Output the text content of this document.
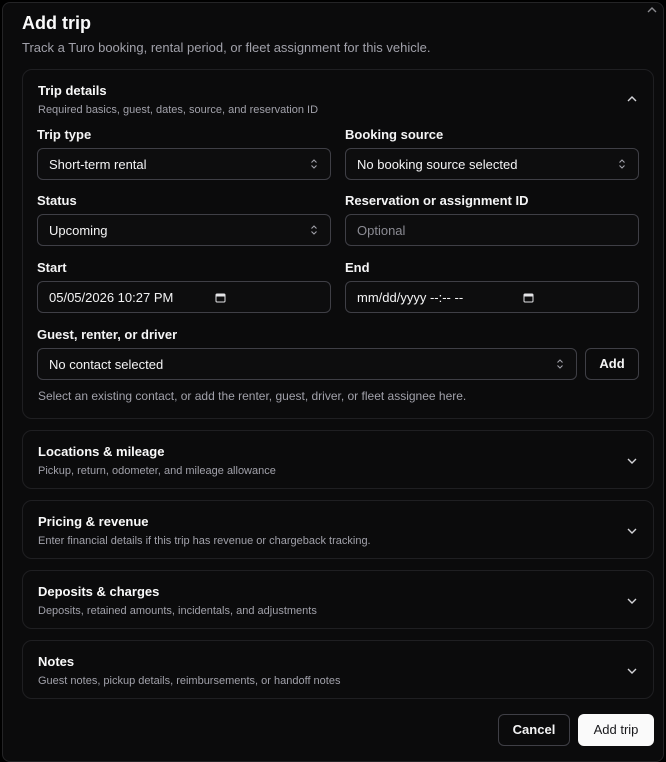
Add trip
Track a Turo booking, rental period, or fleet assignment for this vehicle.
Trip details
Required basics, guest, dates, source, and reservation ID
Trip type
Short-term rental
Booking source
No booking source selected
Status
Upcoming
Reservation or assignment ID
Optional
Start
05/05/2026 10:27 PM
End
mm/dd/yyyy --:-- --
Guest, renter, or driver
No contact selected	Add
Select an existing contact, or add the renter, guest, driver, or fleet assignee here.
Locations & mileage
Pickup, return, odometer, and mileage allowance
Pricing & revenue
Enter financial details if this trip has revenue or chargeback tracking.
Deposits & charges
Deposits, retained amounts, incidentals, and adjustments
Notes
Guest notes, pickup details, reimbursements, or handoff notes
Cancel	Add trip
